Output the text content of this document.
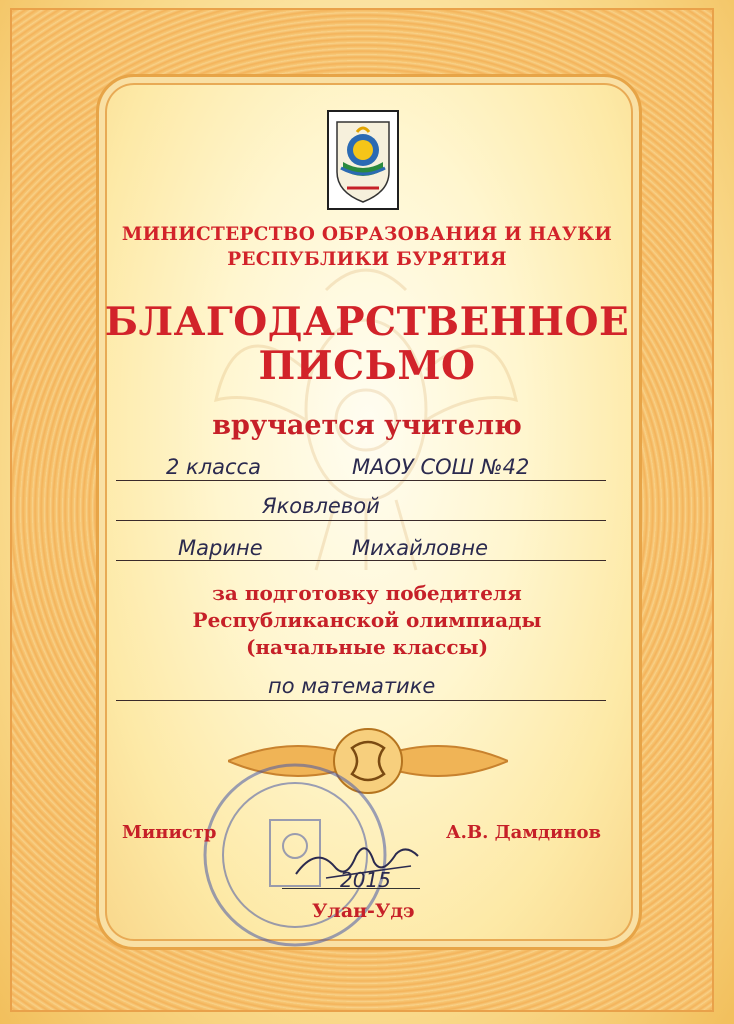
МИНИСТЕРСТВО ОБРАЗОВАНИЯ И НАУКИ
РЕСПУБЛИКИ БУРЯТИЯ
БЛАГОДАРСТВЕННОЕ
ПИСЬМО
вручается учителю
2 класса	МАОУ СОШ №42
Яковлевой
Марине	Михайловне
за подготовку победителя
Республиканской олимпиады
(начальные классы)
по математике
Министр	А.В. Дамдинов
2015
Улан-Удэ
